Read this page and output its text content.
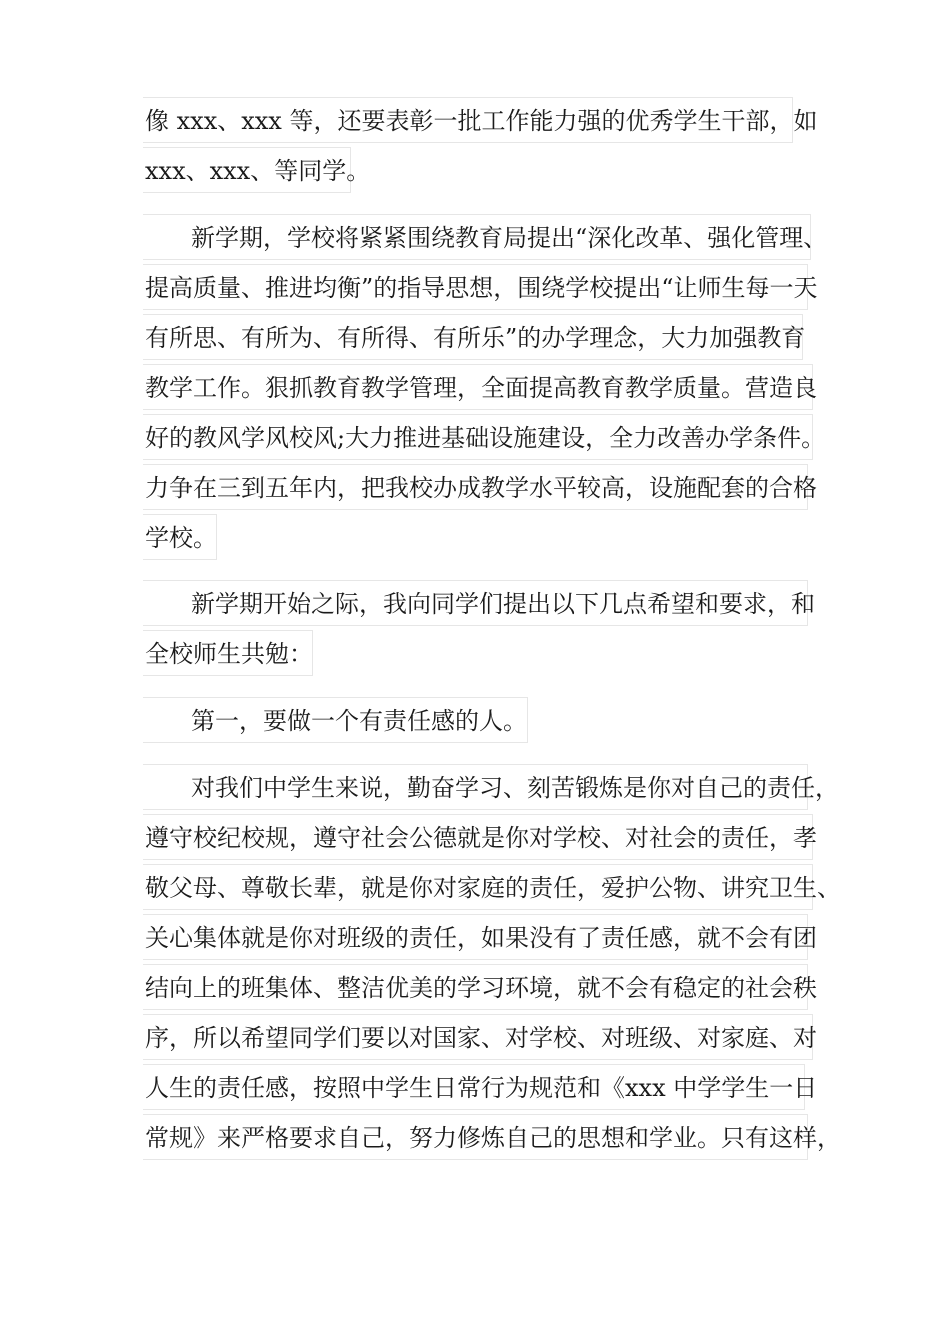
像 xxx、xxx 等，还要表彰一批工作能力强的优秀学生干部，如
xxx、xxx、等同学。
新学期，学校将紧紧围绕教育局提出“深化改革、强化管理、
提高质量、推进均衡”的指导思想，围绕学校提出“让师生每一天
有所思、有所为、有所得、有所乐”的办学理念，大力加强教育
教学工作。狠抓教育教学管理，全面提高教育教学质量。营造良
好的教风学风校风;大力推进基础设施建设，全力改善办学条件。
力争在三到五年内，把我校办成教学水平较高，设施配套的合格
学校。
新学期开始之际，我向同学们提出以下几点希望和要求，和
全校师生共勉：
第一，要做一个有责任感的人。
对我们中学生来说，勤奋学习、刻苦锻炼是你对自己的责任，
遵守校纪校规，遵守社会公德就是你对学校、对社会的责任，孝
敬父母、尊敬长辈，就是你对家庭的责任，爱护公物、讲究卫生、
关心集体就是你对班级的责任，如果没有了责任感，就不会有团
结向上的班集体、整洁优美的学习环境，就不会有稳定的社会秩
序，所以希望同学们要以对国家、对学校、对班级、对家庭、对
人生的责任感，按照中学生日常行为规范和《xxx 中学学生一日
常规》来严格要求自己，努力修炼自己的思想和学业。只有这样，
